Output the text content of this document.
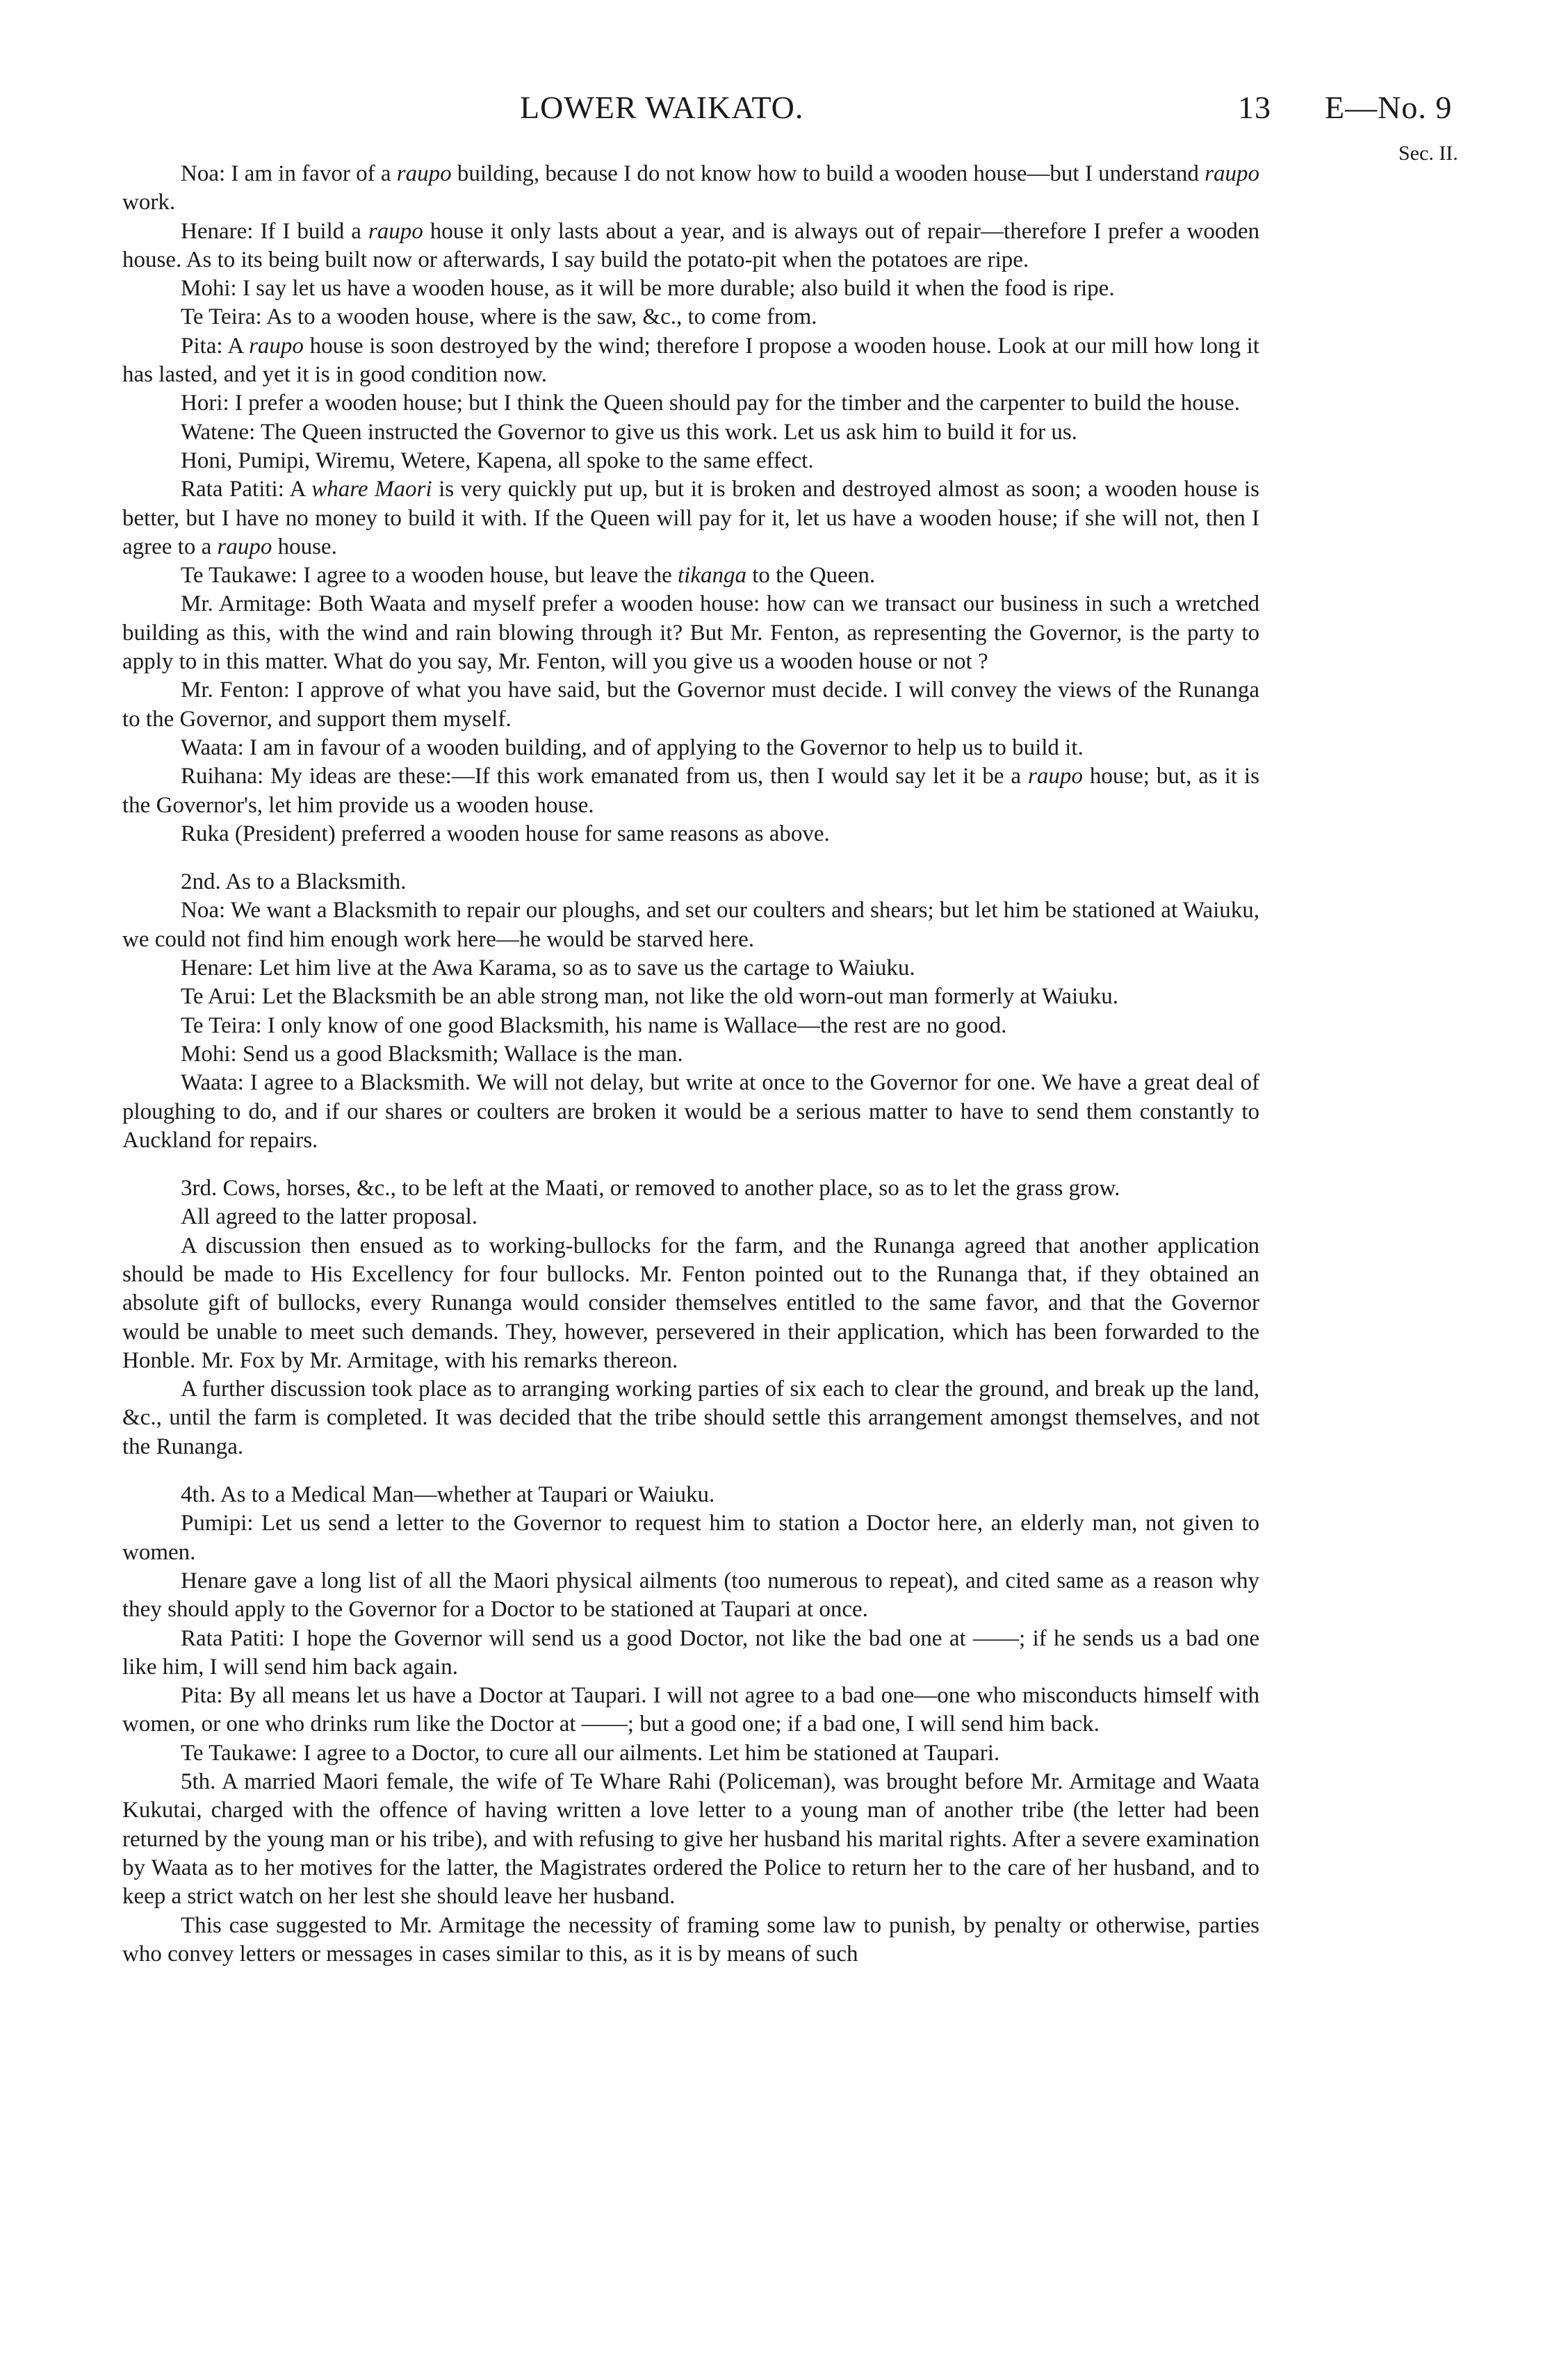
LOWER WAIKATO.	13 E—No. 9
Sec. II.

Noa: I am in favor of a raupo building, because I do not know how to build a wooden house—but I understand raupo work.

Henare: If I build a raupo house it only lasts about a year, and is always out of repair—therefore I prefer a wooden house. As to its being built now or afterwards, I say build the potato-pit when the potatoes are ripe.

Mohi: I say let us have a wooden house, as it will be more durable; also build it when the food is ripe.

Te Teira: As to a wooden house, where is the saw, &c., to come from.

Pita: A raupo house is soon destroyed by the wind; therefore I propose a wooden house. Look at our mill how long it has lasted, and yet it is in good condition now.

Hori: I prefer a wooden house; but I think the Queen should pay for the timber and the carpenter to build the house.

Watene: The Queen instructed the Governor to give us this work. Let us ask him to build it for us.

Honi, Pumipi, Wiremu, Wetere, Kapena, all spoke to the same effect.

Rata Patiti: A whare Maori is very quickly put up, but it is broken and destroyed almost as soon; a wooden house is better, but I have no money to build it with. If the Queen will pay for it, let us have a wooden house; if she will not, then I agree to a raupo house.

Te Taukawe: I agree to a wooden house, but leave the tikanga to the Queen.

Mr. Armitage: Both Waata and myself prefer a wooden house: how can we transact our business in such a wretched building as this, with the wind and rain blowing through it? But Mr. Fenton, as representing the Governor, is the party to apply to in this matter. What do you say, Mr. Fenton, will you give us a wooden house or not ?

Mr. Fenton: I approve of what you have said, but the Governor must decide. I will convey the views of the Runanga to the Governor, and support them myself.

Waata: I am in favour of a wooden building, and of applying to the Governor to help us to build it.

Ruihana: My ideas are these:—If this work emanated from us, then I would say let it be a raupo house; but, as it is the Governor's, let him provide us a wooden house.

Ruka (President) preferred a wooden house for same reasons as above.

2nd. As to a Blacksmith.

Noa: We want a Blacksmith to repair our ploughs, and set our coulters and shears; but let him be stationed at Waiuku, we could not find him enough work here—he would be starved here.

Henare: Let him live at the Awa Karama, so as to save us the cartage to Waiuku.

Te Arui: Let the Blacksmith be an able strong man, not like the old worn-out man formerly at Waiuku.

Te Teira: I only know of one good Blacksmith, his name is Wallace—the rest are no good.

Mohi: Send us a good Blacksmith; Wallace is the man.

Waata: I agree to a Blacksmith. We will not delay, but write at once to the Governor for one. We have a great deal of ploughing to do, and if our shares or coulters are broken it would be a serious matter to have to send them constantly to Auckland for repairs.

3rd. Cows, horses, &c., to be left at the Maati, or removed to another place, so as to let the grass grow.

All agreed to the latter proposal.

A discussion then ensued as to working-bullocks for the farm, and the Runanga agreed that another application should be made to His Excellency for four bullocks. Mr. Fenton pointed out to the Runanga that, if they obtained an absolute gift of bullocks, every Runanga would consider themselves entitled to the same favor, and that the Governor would be unable to meet such demands. They, however, persevered in their application, which has been forwarded to the Honble. Mr. Fox by Mr. Armitage, with his remarks thereon.

A further discussion took place as to arranging working parties of six each to clear the ground, and break up the land, &c., until the farm is completed. It was decided that the tribe should settle this arrangement amongst themselves, and not the Runanga.

4th. As to a Medical Man—whether at Taupari or Waiuku.

Pumipi: Let us send a letter to the Governor to request him to station a Doctor here, an elderly man, not given to women.

Henare gave a long list of all the Maori physical ailments (too numerous to repeat), and cited same as a reason why they should apply to the Governor for a Doctor to be stationed at Taupari at once.

Rata Patiti: I hope the Governor will send us a good Doctor, not like the bad one at ——; if he sends us a bad one like him, I will send him back again.

Pita: By all means let us have a Doctor at Taupari. I will not agree to a bad one—one who misconducts himself with women, or one who drinks rum like the Doctor at ——; but a good one; if a bad one, I will send him back.

Te Taukawe: I agree to a Doctor, to cure all our ailments. Let him be stationed at Taupari.

5th. A married Maori female, the wife of Te Whare Rahi (Policeman), was brought before Mr. Armitage and Waata Kukutai, charged with the offence of having written a love letter to a young man of another tribe (the letter had been returned by the young man or his tribe), and with refusing to give her husband his marital rights. After a severe examination by Waata as to her motives for the latter, the Magistrates ordered the Police to return her to the care of her husband, and to keep a strict watch on her lest she should leave her husband.

This case suggested to Mr. Armitage the necessity of framing some law to punish, by penalty or otherwise, parties who convey letters or messages in cases similar to this, as it is by means of such
